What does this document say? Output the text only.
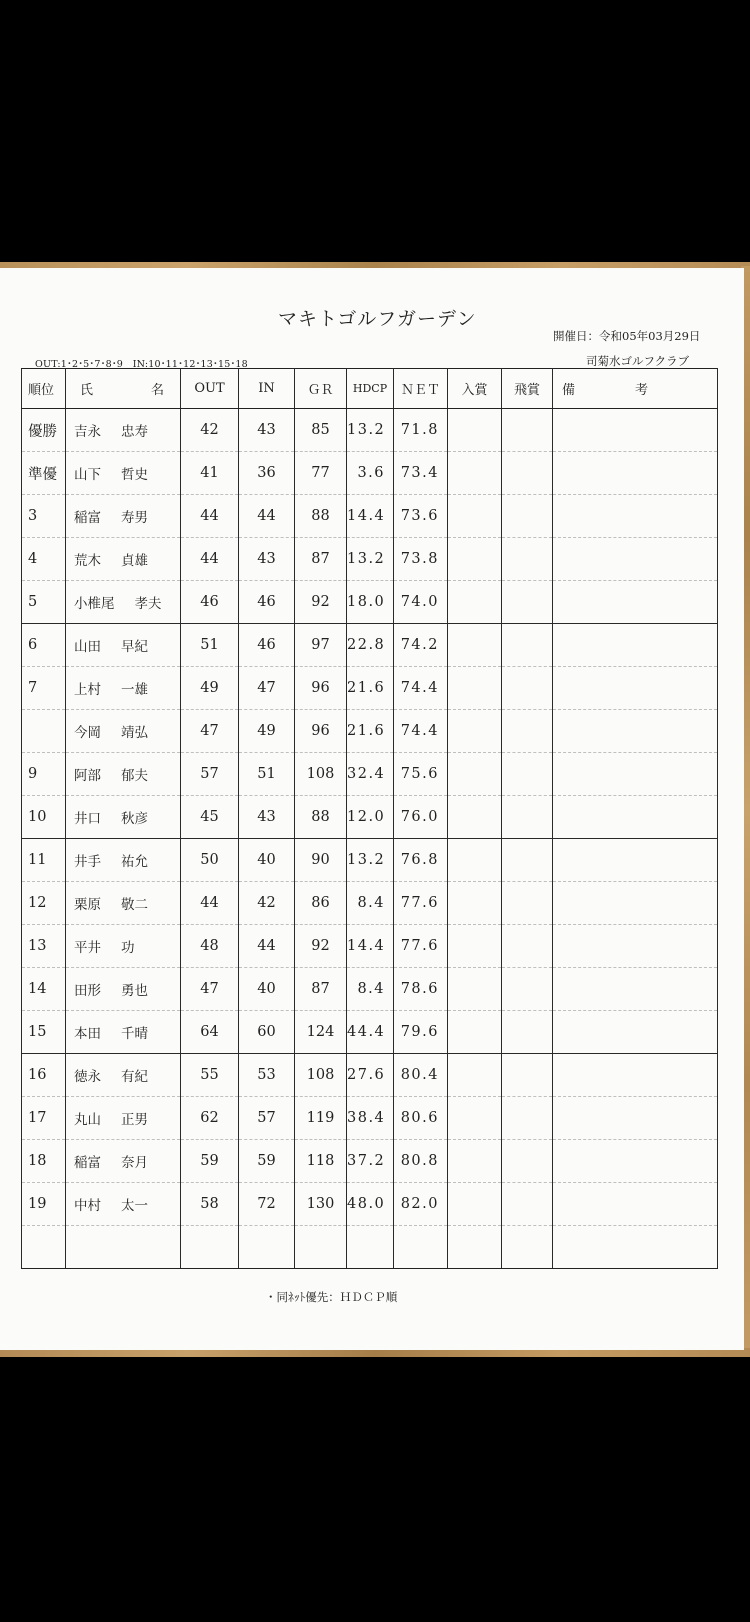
マキトゴルフガーデン
開催日：令和05年03月29日
OUT:1･2･5･7･8･9　IN:10･11･12･13･15･18	司菊水ゴルフクラブ
順位	氏 名	OUT	IN	ＧＲ	HDCP	ＮＥＴ	入賞	飛賞	備考
優勝	吉永 忠寿	42	43	85	13.2	71.8			
準優	山下 哲史	41	36	77	3.6	73.4			
3	稲富 寿男	44	44	88	14.4	73.6			
4	荒木 貞雄	44	43	87	13.2	73.8			
5	小椎尾 孝夫	46	46	92	18.0	74.0			
6	山田 早紀	51	46	97	22.8	74.2			
7	上村 一雄	49	47	96	21.6	74.4			
	今岡 靖弘	47	49	96	21.6	74.4			
9	阿部 郁夫	57	51	108	32.4	75.6			
10	井口 秋彦	45	43	88	12.0	76.0			
11	井手 祐允	50	40	90	13.2	76.8			
12	栗原 敬二	44	42	86	8.4	77.6			
13	平井 功	48	44	92	14.4	77.6			
14	田形 勇也	47	40	87	8.4	78.6			
15	本田 千晴	64	60	124	44.4	79.6			
16	徳永 有紀	55	53	108	27.6	80.4			
17	丸山 正男	62	57	119	38.4	80.6			
18	稲富 奈月	59	59	118	37.2	80.8			
19	中村 太一	58	72	130	48.0	82.0			

・同ﾈｯﾄ優先：ＨＤＣＰ順
